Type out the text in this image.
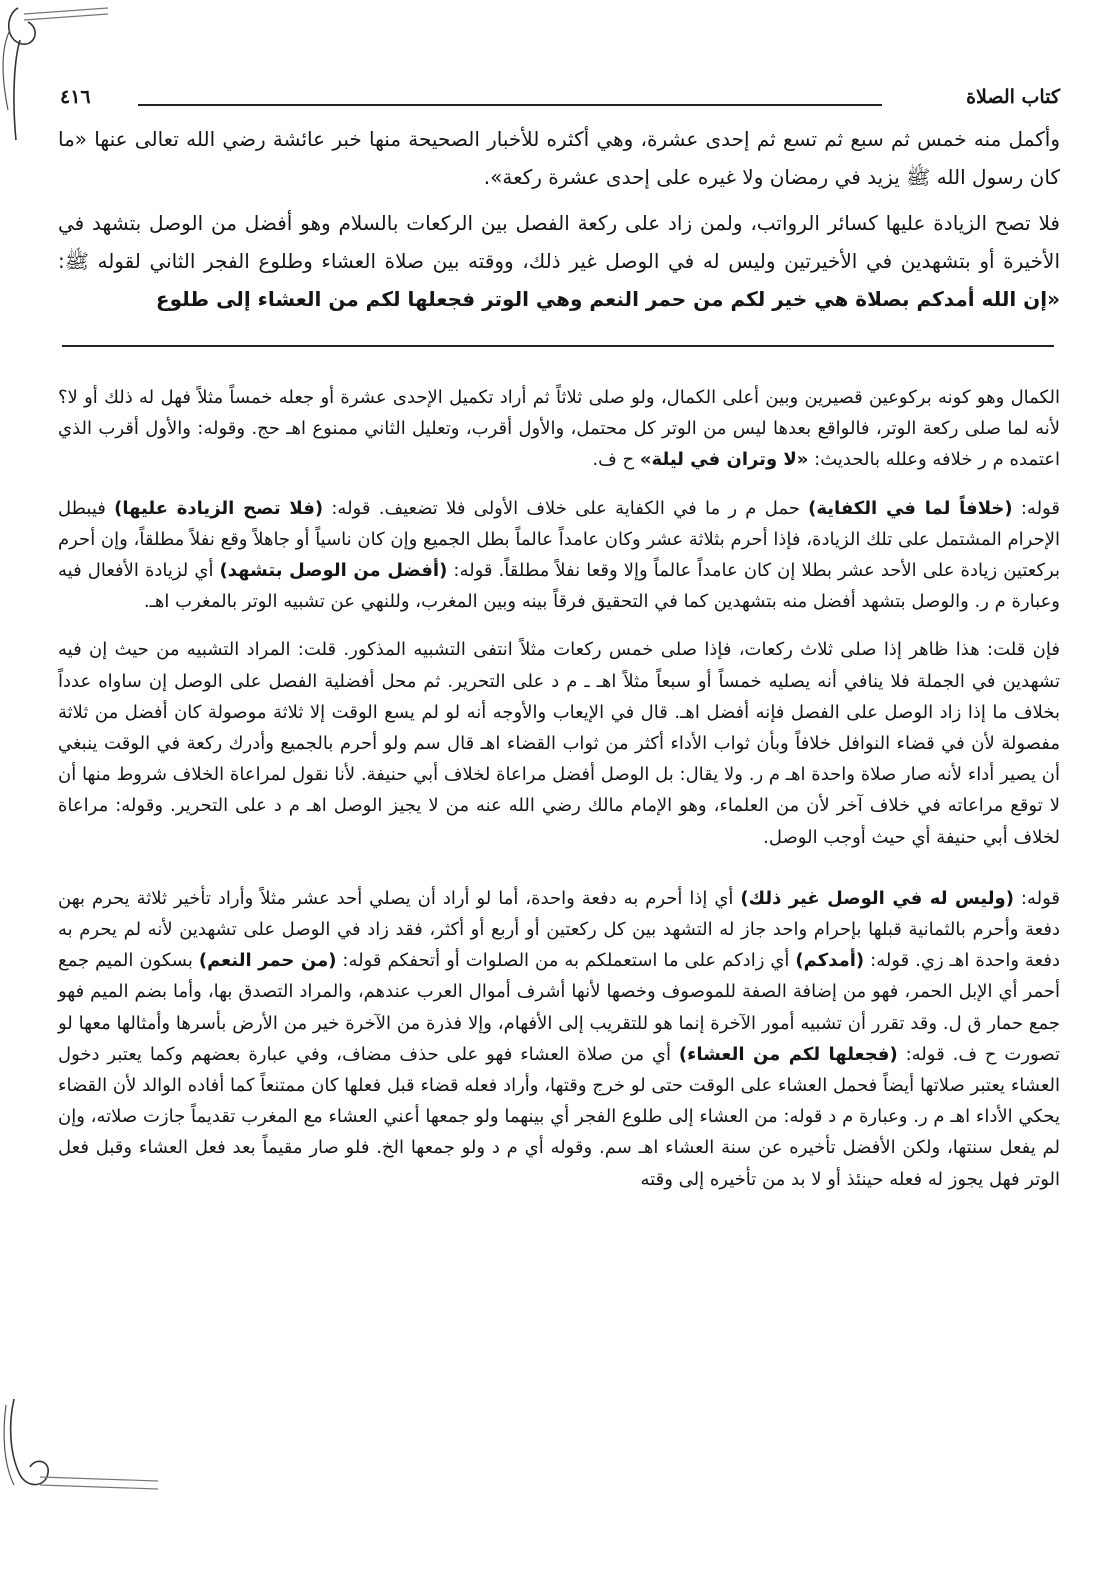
كتاب الصلاة
٤١٦

وأكمل منه خمس ثم سبع ثم تسع ثم إحدى عشرة، وهي أكثره للأخبار الصحيحة منها خبر عائشة رضي الله تعالى عنها «ما كان رسول الله ﷺ يزيد في رمضان ولا غيره على إحدى عشرة ركعة».

فلا تصح الزيادة عليها كسائر الرواتب، ولمن زاد على ركعة الفصل بين الركعات بالسلام وهو أفضل من الوصل بتشهد في الأخيرة أو بتشهدين في الأخيرتين وليس له في الوصل غير ذلك، ووقته بين صلاة العشاء وطلوع الفجر الثاني لقوله ﷺ: «إن الله أمدكم بصلاة هي خير لكم من حمر النعم وهي الوتر فجعلها لكم من العشاء إلى طلوع

الكمال وهو كونه بركوعين قصيرين وبين أعلى الكمال، ولو صلى ثلاثاً ثم أراد تكميل الإحدى عشرة أو جعله خمساً مثلاً فهل له ذلك أو لا؟ لأنه لما صلى ركعة الوتر، فالواقع بعدها ليس من الوتر كل محتمل، والأول أقرب، وتعليل الثاني ممنوع اهـ حج. وقوله: والأول أقرب الذي اعتمده م ر خلافه وعلله بالحديث: «لا وتران في ليلة» ح ف.

قوله: (خلافاً لما في الكفاية) حمل م ر ما في الكفاية على خلاف الأولى فلا تضعيف. قوله: (فلا تصح الزيادة عليها) فيبطل الإحرام المشتمل على تلك الزيادة، فإذا أحرم بثلاثة عشر وكان عامداً عالماً بطل الجميع وإن كان ناسياً أو جاهلاً وقع نفلاً مطلقاً، وإن أحرم بركعتين زيادة على الأحد عشر بطلا إن كان عامداً عالماً وإلا وقعا نفلاً مطلقاً. قوله: (أفضل من الوصل بتشهد) أي لزيادة الأفعال فيه وعبارة م ر. والوصل بتشهد أفضل منه بتشهدين كما في التحقيق فرقاً بينه وبين المغرب، وللنهي عن تشبيه الوتر بالمغرب اهـ.

فإن قلت: هذا ظاهر إذا صلى ثلاث ركعات، فإذا صلى خمس ركعات مثلاً انتفى التشبيه المذكور. قلت: المراد التشبيه من حيث إن فيه تشهدين في الجملة فلا ينافي أنه يصليه خمساً أو سبعاً مثلاً اهـ ـ م د على التحرير. ثم محل أفضلية الفصل على الوصل إن ساواه عدداً بخلاف ما إذا زاد الوصل على الفصل فإنه أفضل اهـ. قال في الإيعاب والأوجه أنه لو لم يسع الوقت إلا ثلاثة موصولة كان أفضل من ثلاثة مفصولة لأن في قضاء النوافل خلافاً وبأن ثواب الأداء أكثر من ثواب القضاء اهـ قال سم ولو أحرم بالجميع وأدرك ركعة في الوقت ينبغي أن يصير أداء لأنه صار صلاة واحدة اهـ م ر. ولا يقال: بل الوصل أفضل مراعاة لخلاف أبي حنيفة. لأنا نقول لمراعاة الخلاف شروط منها أن لا توقع مراعاته في خلاف آخر لأن من العلماء، وهو الإمام مالك رضي الله عنه من لا يجيز الوصل اهـ م د على التحرير. وقوله: مراعاة لخلاف أبي حنيفة أي حيث أوجب الوصل.

قوله: (وليس له في الوصل غير ذلك) أي إذا أحرم به دفعة واحدة، أما لو أراد أن يصلي أحد عشر مثلاً وأراد تأخير ثلاثة يحرم بهن دفعة وأحرم بالثمانية قبلها بإحرام واحد جاز له التشهد بين كل ركعتين أو أربع أو أكثر، فقد زاد في الوصل على تشهدين لأنه لم يحرم به دفعة واحدة اهـ زي. قوله: (أمدكم) أي زادكم على ما استعملكم به من الصلوات أو أتحفكم قوله: (من حمر النعم) بسكون الميم جمع أحمر أي الإبل الحمر، فهو من إضافة الصفة للموصوف وخصها لأنها أشرف أموال العرب عندهم، والمراد التصدق بها، وأما بضم الميم فهو جمع حمار ق ل. وقد تقرر أن تشبيه أمور الآخرة إنما هو للتقريب إلى الأفهام، وإلا فذرة من الآخرة خير من الأرض بأسرها وأمثالها معها لو تصورت ح ف. قوله: (فجعلها لكم من العشاء) أي من صلاة العشاء فهو على حذف مضاف، وفي عبارة بعضهم وكما يعتبر دخول العشاء يعتبر صلاتها أيضاً فحمل العشاء على الوقت حتى لو خرج وقتها، وأراد فعله قضاء قبل فعلها كان ممتنعاً كما أفاده الوالد لأن القضاء يحكي الأداء اهـ م ر. وعبارة م د قوله: من العشاء إلى طلوع الفجر أي بينهما ولو جمعها أعني العشاء مع المغرب تقديماً جازت صلاته، وإن لم يفعل سنتها، ولكن الأفضل تأخيره عن سنة العشاء اهـ سم. وقوله أي م د ولو جمعها الخ. فلو صار مقيماً بعد فعل العشاء وقبل فعل الوتر فهل يجوز له فعله حينئذ أو لا بد من تأخيره إلى وقته
